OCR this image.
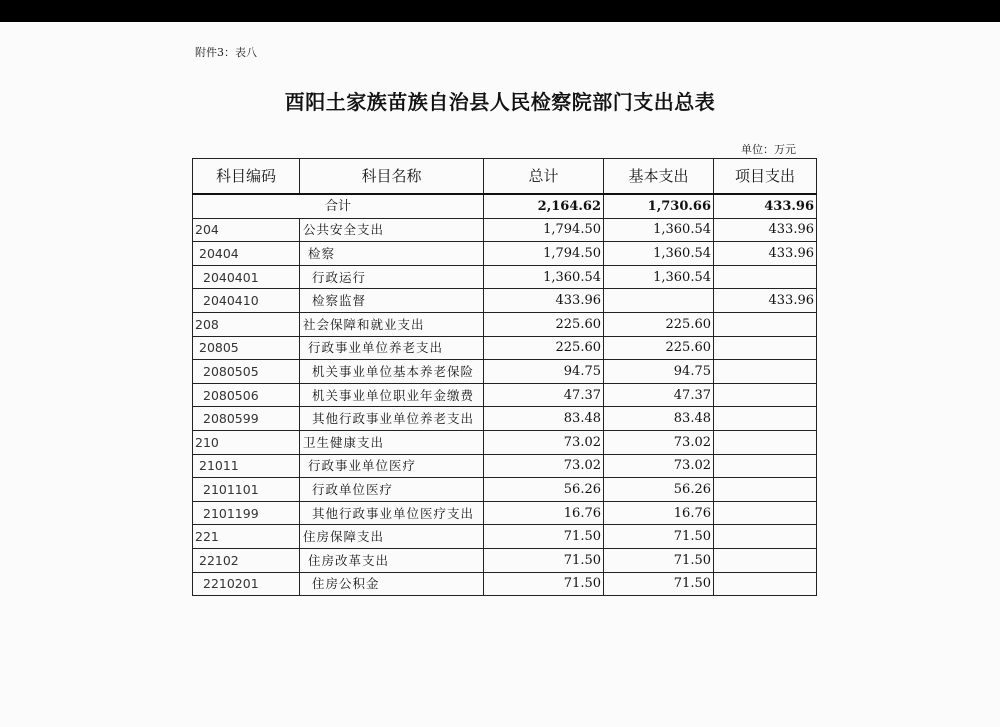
附件3：表八
酉阳土家族苗族自治县人民检察院部门支出总表
单位：万元
科目编码	科目名称	总计	基本支出	项目支出
合计		2,164.62	1,730.66	433.96
204	公共安全支出	1,794.50	1,360.54	433.96
20404	检察	1,794.50	1,360.54	433.96
2040401	行政运行	1,360.54	1,360.54	
2040410	检察监督	433.96		433.96
208	社会保障和就业支出	225.60	225.60	
20805	行政事业单位养老支出	225.60	225.60	
2080505	机关事业单位基本养老保险	94.75	94.75	
2080506	机关事业单位职业年金缴费	47.37	47.37	
2080599	其他行政事业单位养老支出	83.48	83.48	
210	卫生健康支出	73.02	73.02	
21011	行政事业单位医疗	73.02	73.02	
2101101	行政单位医疗	56.26	56.26	
2101199	其他行政事业单位医疗支出	16.76	16.76	
221	住房保障支出	71.50	71.50	
22102	住房改革支出	71.50	71.50	
2210201	住房公积金	71.50	71.50	
